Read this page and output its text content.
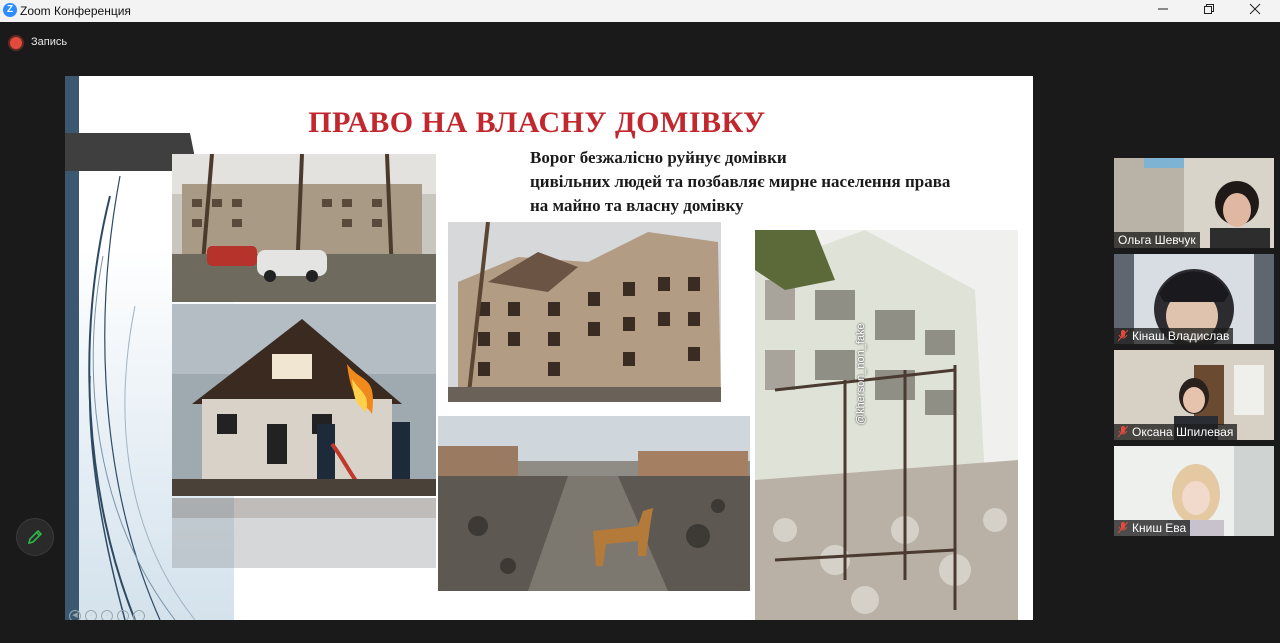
Z Zoom Конференция
Запись
ПРАВО НА ВЛАСНУ ДОМІВКУ
Ворог безжалісно руйнує домівки
цивільних людей та позбавляє мирне населення права
на майно та власну домівку
@kherson_non_fake
◀ · · · ·
Ольга Шевчук
Кінаш Владислав
Оксана Шпилевая
Книш Ева
